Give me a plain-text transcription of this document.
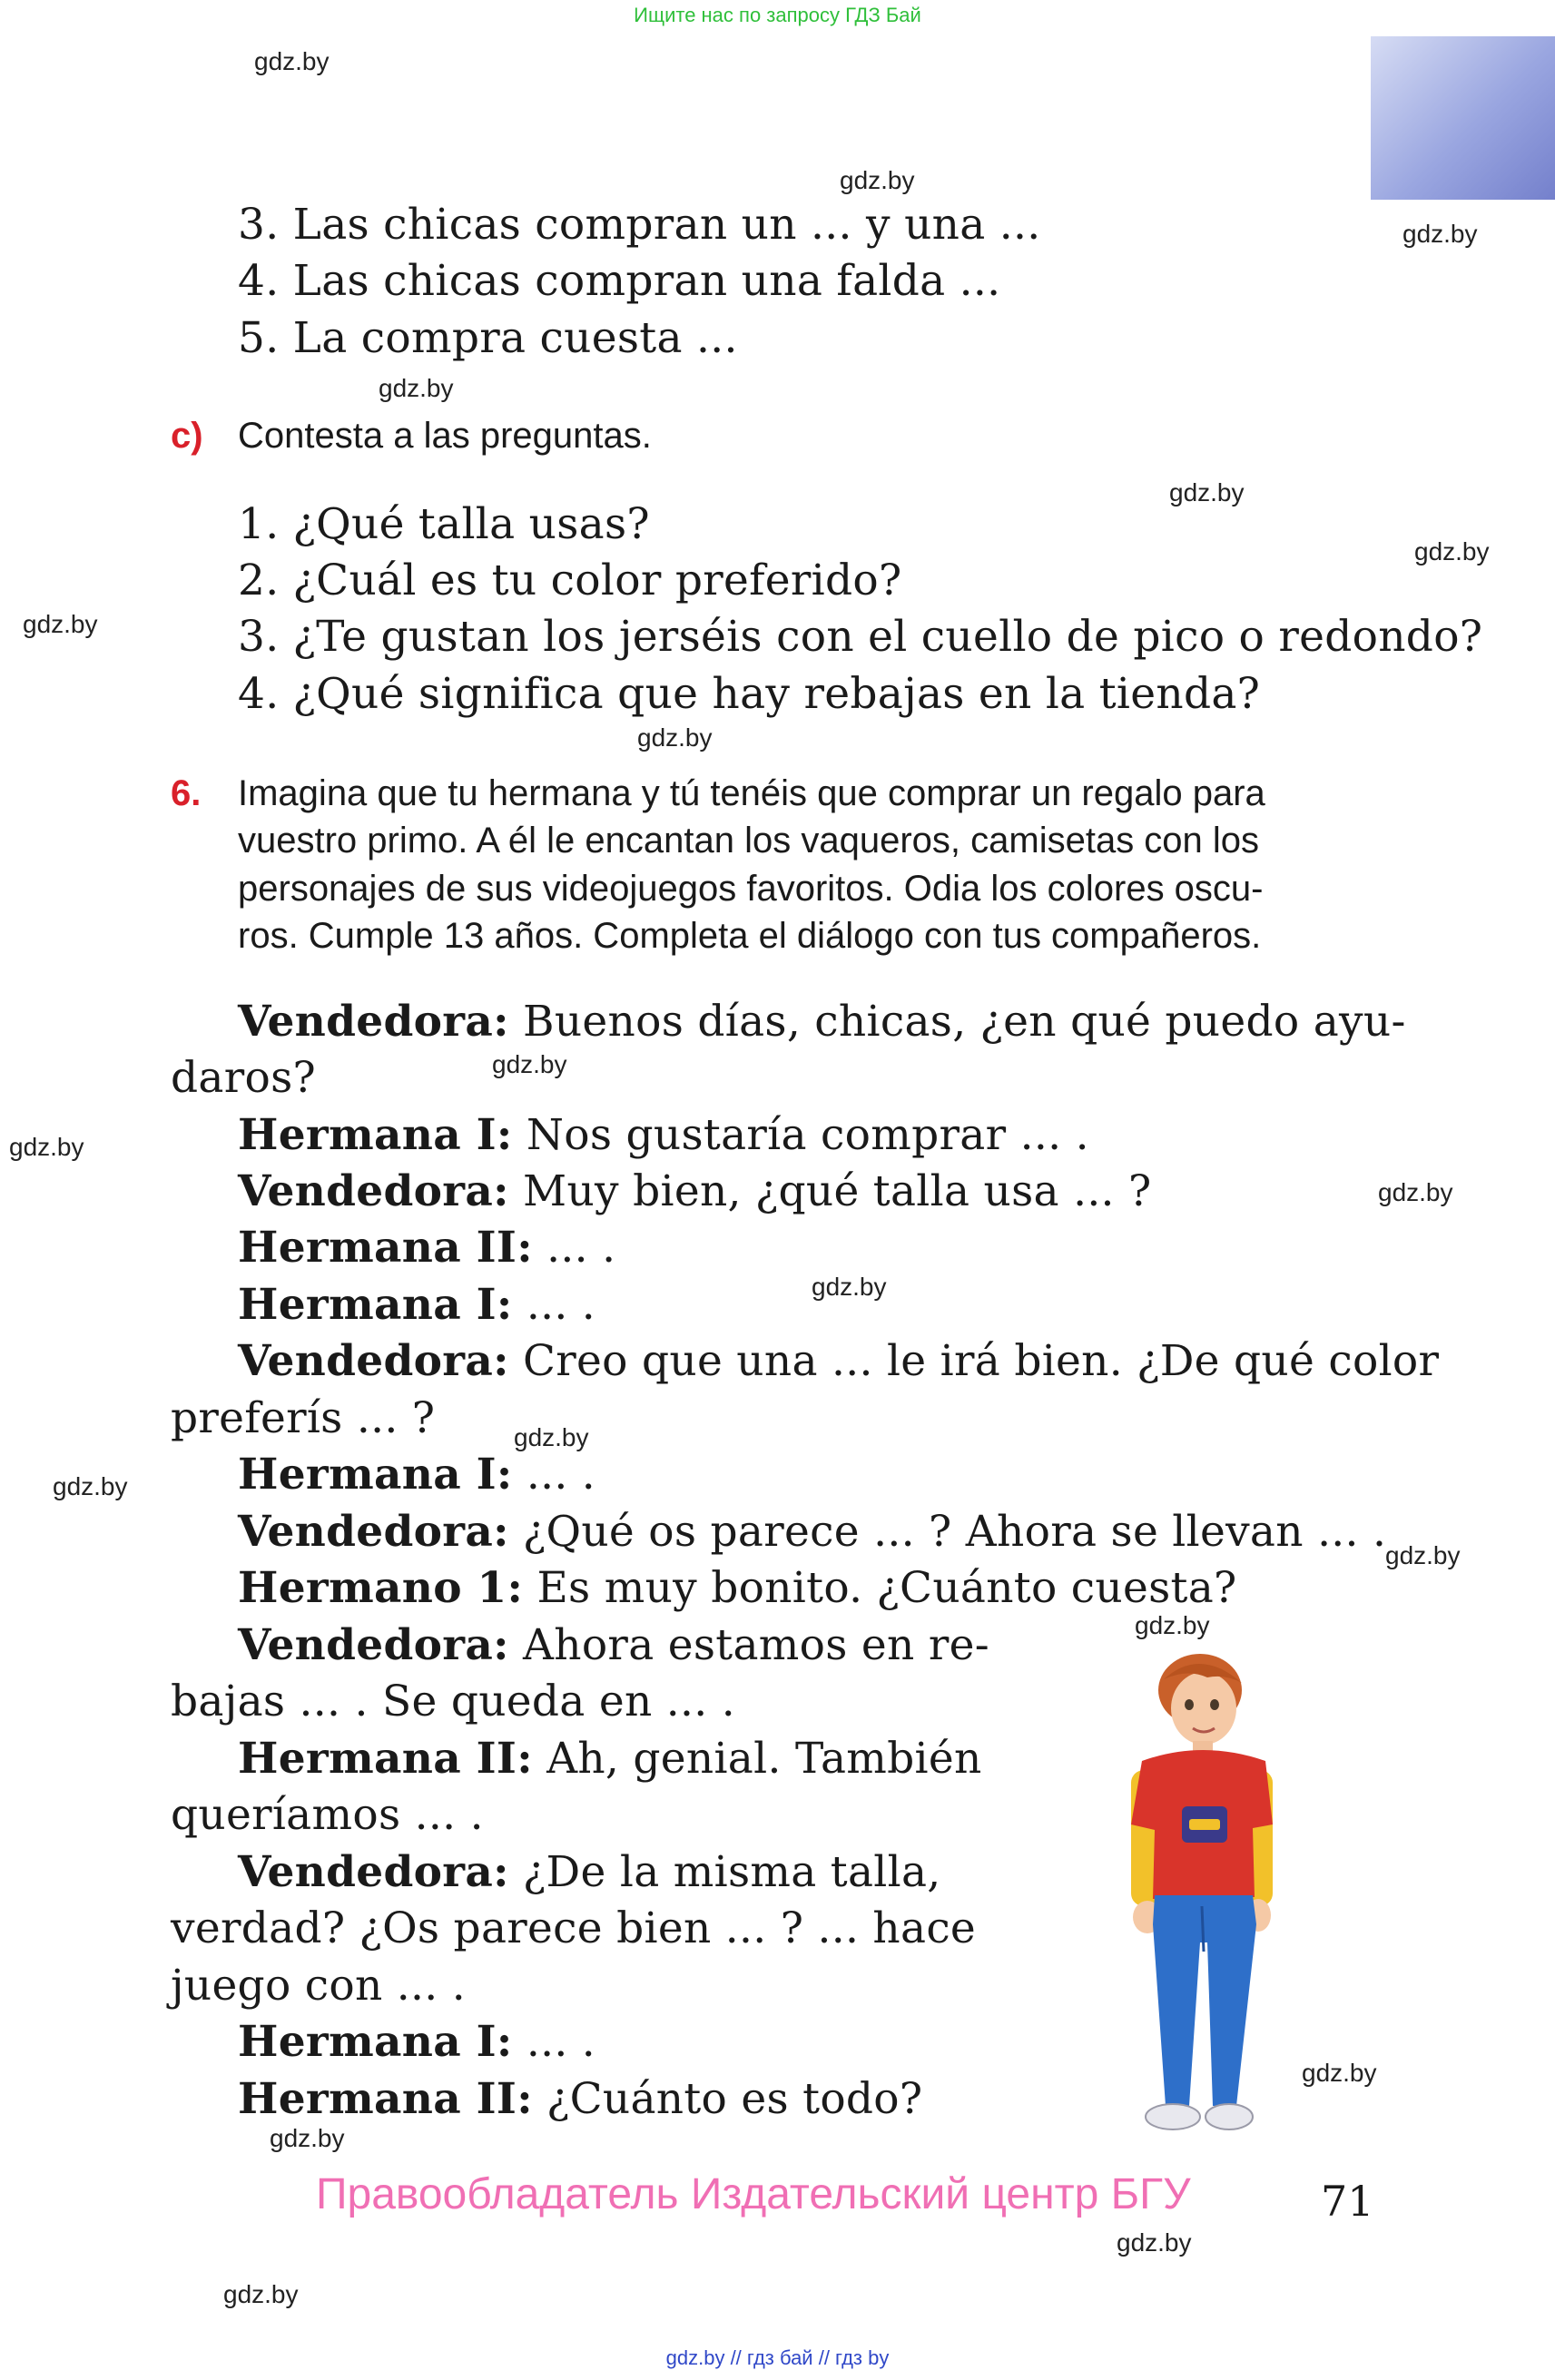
Ищите нас по запросу ГДЗ Бай
gdz.by
gdz.by
gdz.by
gdz.by
gdz.by
gdz.by
gdz.by
gdz.by
gdz.by
gdz.by
gdz.by
gdz.by
gdz.by
gdz.by
gdz.by
gdz.by
gdz.by
gdz.by
gdz.by
gdz.by
3. Las chicas compran un ... y una ...
4. Las chicas compran una falda ...
5. La compra cuesta ...
c) Contesta a las preguntas.
1. ¿Qué talla usas?
2. ¿Cuál es tu color preferido?
3. ¿Te gustan los jerséis con el cuello de pico o redondo?
4. ¿Qué significa que hay rebajas en la tienda?
6. Imagina que tu hermana y tú tenéis que comprar un regalo para
vuestro primo. A él le encantan los vaqueros, camisetas con los
personajes de sus videojuegos favoritos. Odia los colores oscu-
ros. Cumple 13 años. Completa el diálogo con tus compañeros.
Vendedora: Buenos días, chicas, ¿en qué puedo ayu-
daros?
Hermana I: Nos gustaría comprar ... .
Vendedora: Muy bien, ¿qué talla usa ... ?
Hermana II: ... .
Hermana I: ... .
Vendedora: Creo que una ... le irá bien. ¿De qué color
preferís ... ?
Hermana I: ... .
Vendedora: ¿Qué os parece ... ? Ahora se llevan ... .
Hermano 1: Es muy bonito. ¿Cuánto cuesta?
Vendedora: Ahora estamos en re-
bajas ... . Se queda en ... .
Hermana II: Ah, genial. También
queríamos ... .
Vendedora: ¿De la misma talla,
verdad? ¿Os parece bien ... ? ... hace
juego con ... .
Hermana I: ... .
Hermana II: ¿Cuánto es todo?
Правообладатель Издательский центр БГУ	71
gdz.by // гдз бай // гдз by
